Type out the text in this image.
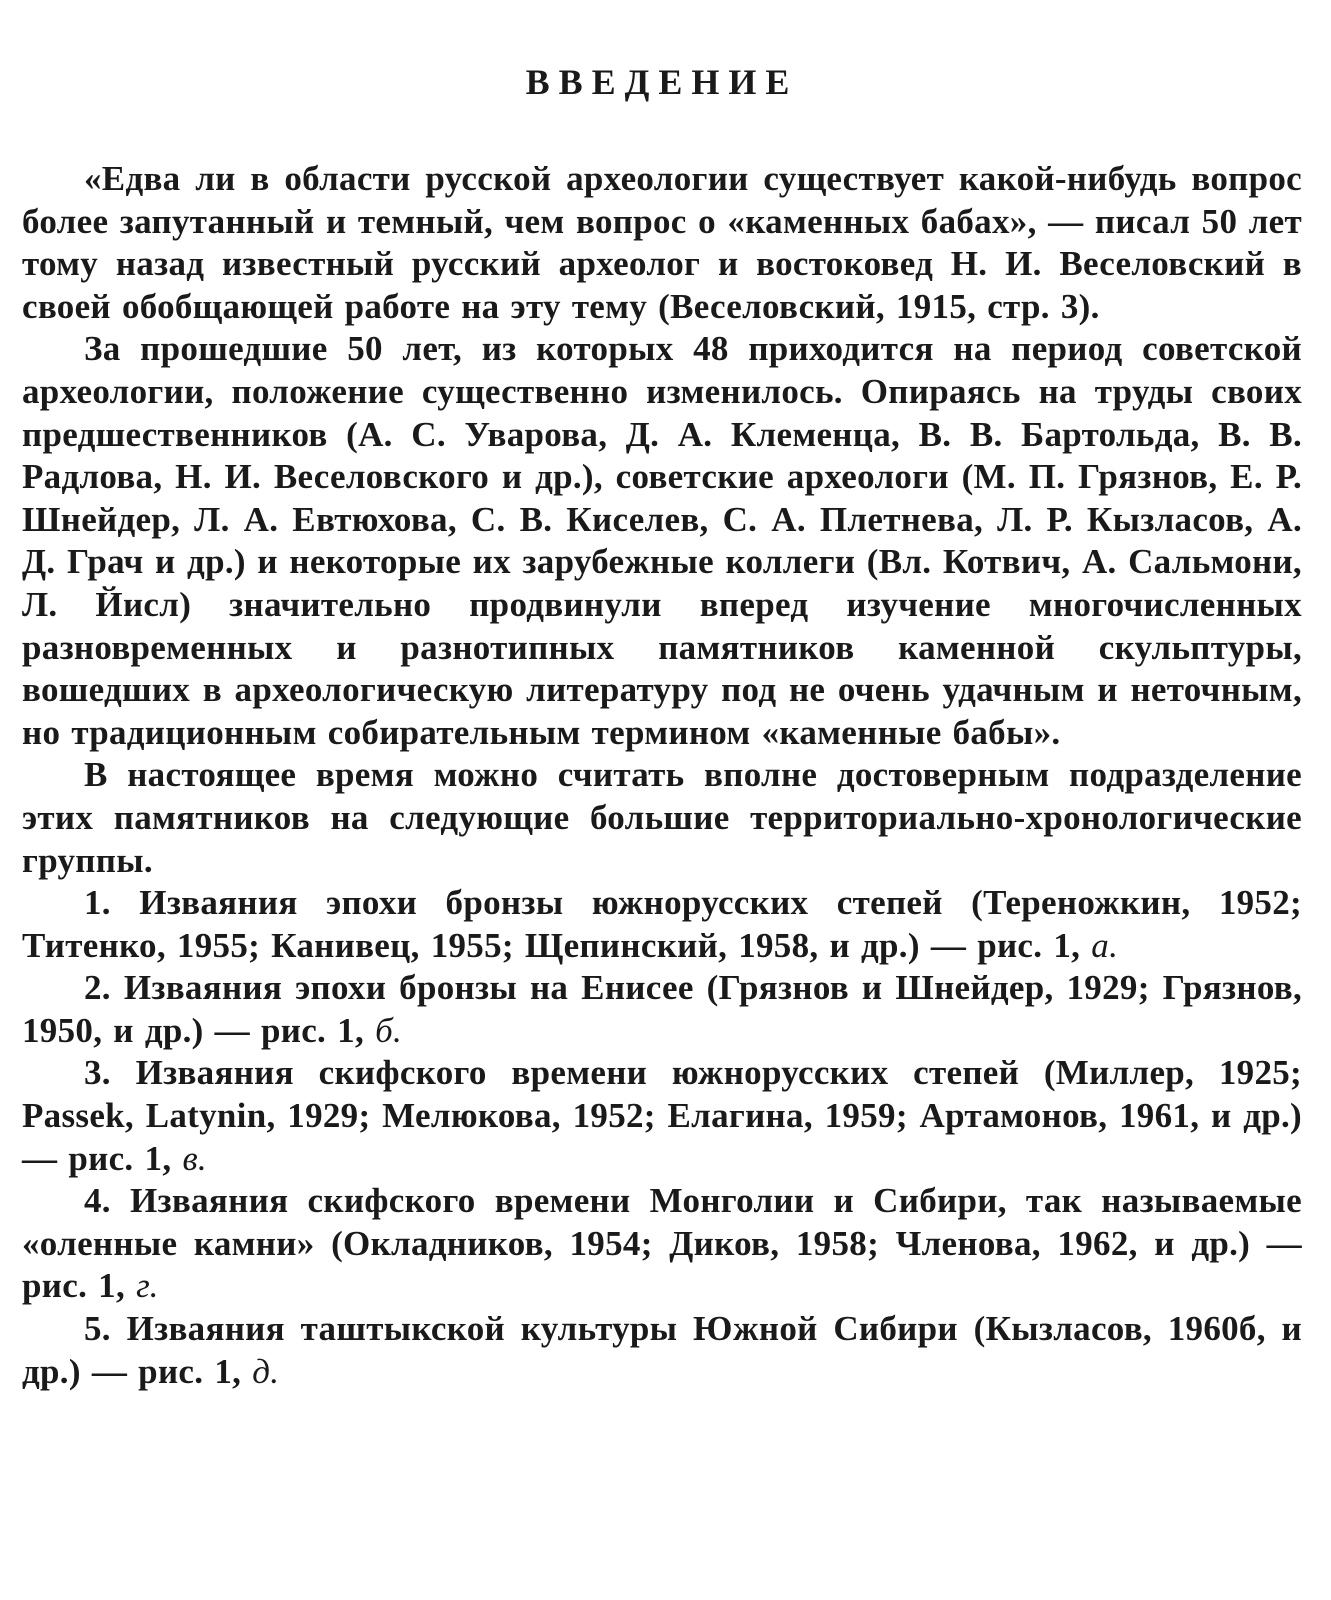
ВВЕДЕНИЕ

«Едва ли в области русской археологии существует какой-нибудь вопрос более запутанный и темный, чем вопрос о «каменных бабах», — писал 50 лет тому назад известный русский археолог и востоковед Н. И. Веселовский в своей обобщающей работе на эту тему (Веселовский, 1915, стр. 3).

За прошедшие 50 лет, из которых 48 приходится на период советской археологии, положение существенно изменилось. Опираясь на труды своих предшественников (А. С. Уварова, Д. А. Клеменца, В. В. Бартольда, В. В. Радлова, Н. И. Веселовского и др.), советские археологи (М. П. Грязнов, Е. Р. Шнейдер, Л. А. Евтюхова, С. В. Киселев, С. А. Плетнева, Л. Р. Кызласов, А. Д. Грач и др.) и некоторые их зарубежные коллеги (Вл. Котвич, А. Сальмони, Л. Йисл) значительно продвинули вперед изучение многочисленных разновременных и разнотипных памятников каменной скульптуры, вошедших в археологическую литературу под не очень удачным и неточным, но традиционным собирательным термином «каменные бабы».

В настоящее время можно считать вполне достоверным подразделение этих памятников на следующие большие территориально-хронологические группы.

1. Изваяния эпохи бронзы южнорусских степей (Тереножкин, 1952; Титенко, 1955; Канивец, 1955; Щепинский, 1958, и др.) — рис. 1, а.

2. Изваяния эпохи бронзы на Енисее (Грязнов и Шнейдер, 1929; Грязнов, 1950, и др.) — рис. 1, б.

3. Изваяния скифского времени южнорусских степей (Миллер, 1925; Passek, Latynin, 1929; Мелюкова, 1952; Елагина, 1959; Артамонов, 1961, и др.) — рис. 1, в.

4. Изваяния скифского времени Монголии и Сибири, так называемые «оленные камни» (Окладников, 1954; Диков, 1958; Членова, 1962, и др.) — рис. 1, г.

5. Изваяния таштыкской культуры Южной Сибири (Кызласов, 1960б, и др.) — рис. 1, д.
